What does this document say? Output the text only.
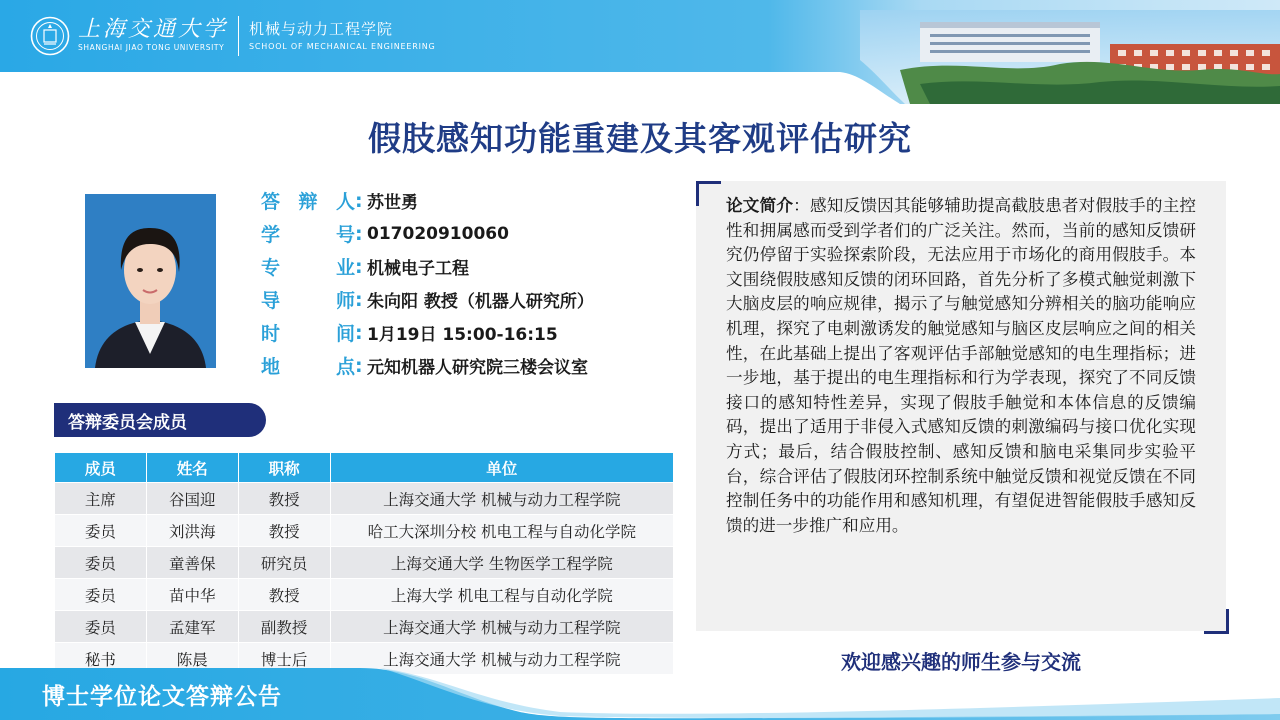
上海交通大学
SHANGHAI JIAO TONG UNIVERSITY
机械与动力工程学院
SCHOOL OF MECHANICAL ENGINEERING
假肢感知功能重建及其客观评估研究
答 辩 人 : 苏世勇
学	号 : 017020910060
专	业 : 机械电子工程
导	师 : 朱向阳 教授（机器人研究所）
时	间 : 1月19日 15:00-16:15
地	点 : 元知机器人研究院三楼会议室
答辩委员会成员
成员	姓名	职称	单位
主席	谷国迎	教授	上海交通大学 机械与动力工程学院
委员	刘洪海	教授	哈工大深圳分校 机电工程与自动化学院
委员	童善保	研究员	上海交通大学 生物医学工程学院
委员	苗中华	教授	上海大学 机电工程与自动化学院
委员	孟建军	副教授	上海交通大学 机械与动力工程学院
秘书	陈晨	博士后	上海交通大学 机械与动力工程学院
论文简介：感知反馈因其能够辅助提高截肢患者对假肢手的主控性和拥属感而受到学者们的广泛关注。然而，当前的感知反馈研究仍停留于实验探索阶段，无法应用于市场化的商用假肢手。本文围绕假肢感知反馈的闭环回路，首先分析了多模式触觉刺激下大脑皮层的响应规律，揭示了与触觉感知分辨相关的脑功能响应机理，探究了电刺激诱发的触觉感知与脑区皮层响应之间的相关性，在此基础上提出了客观评估手部触觉感知的电生理指标；进一步地，基于提出的电生理指标和行为学表现，探究了不同反馈接口的感知特性差异，实现了假肢手触觉和本体信息的反馈编码，提出了适用于非侵入式感知反馈的刺激编码与接口优化实现方式；最后，结合假肢控制、感知反馈和脑电采集同步实验平台，综合评估了假肢闭环控制系统中触觉反馈和视觉反馈在不同控制任务中的功能作用和感知机理，有望促进智能假肢手感知反馈的进一步推广和应用。
欢迎感兴趣的师生参与交流
博士学位论文答辩公告
